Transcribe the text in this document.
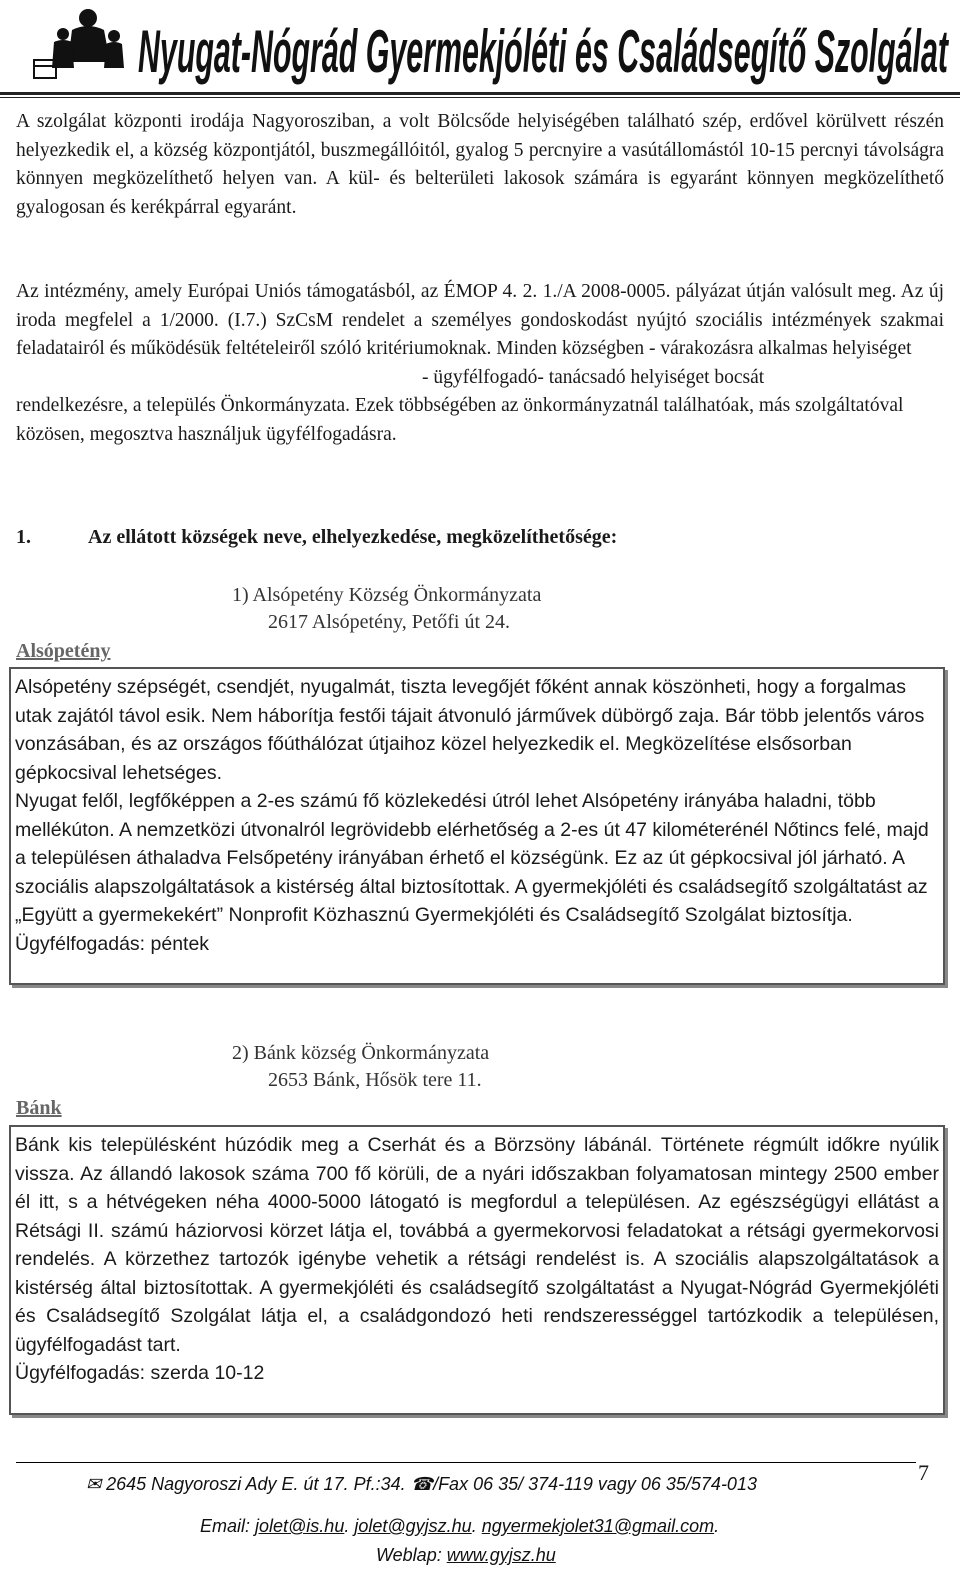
Nyugat-Nógrád Gyermekjóléti és Családsegítő Szolgálat

A szolgálat központi irodája Nagyorosziban, a volt Bölcsőde helyiségében található szép, erdővel körülvett részén helyezkedik el, a község központjától, buszmegállóitól, gyalog 5 percnyire a vasútállomástól 10-15 percnyi távolságra könnyen megközelíthető helyen van. A kül- és belterületi lakosok számára is egyaránt könnyen megközelíthető gyalogosan és kerékpárral egyaránt.

Az intézmény, amely Európai Uniós támogatásból, az ÉMOP 4. 2. 1./A 2008-0005. pályázat útján valósult meg. Az új iroda megfelel a 1/2000. (I.7.) SzCsM rendelet a személyes gondoskodást nyújtó szociális intézmények szakmai feladatairól és működésük feltételeiről szóló kritériumoknak. Minden községben - várakozásra alkalmas helyiséget

- ügyfélfogadó- tanácsadó helyiséget bocsát

rendelkezésre, a település Önkormányzata. Ezek többségében az önkormányzatnál találhatóak, más szolgáltatóval közösen, megosztva használjuk ügyfélfogadásra.

1.	Az ellátott községek neve, elhelyezkedése, megközelíthetősége:
1) Alsópetény Község Önkormányzata
2617 Alsópetény, Petőfi út 24.
Alsópetény

Alsópetény szépségét, csendjét, nyugalmát, tiszta levegőjét főként annak köszönheti, hogy a forgalmas utak zajától távol esik. Nem háborítja festői tájait átvonuló járművek dübörgő zaja. Bár több jelentős város vonzásában, és az országos főúthálózat útjaihoz közel helyezkedik el. Megközelítése elsősorban gépkocsival lehetséges.

Nyugat felől, legfőképpen a 2-es számú fő közlekedési útról lehet Alsópetény irányába haladni, több mellékúton. A nemzetközi útvonalról legrövidebb elérhetőség a 2-es út 47 kilométerénél Nőtincs felé, majd a településen áthaladva Felsőpetény irányában érhető el községünk. Ez az út gépkocsival jól járható. A szociális alapszolgáltatások a kistérség által biztosítottak. A gyermekjóléti és családsegítő szolgáltatást az „Együtt a gyermekekért” Nonprofit Közhasznú Gyermekjóléti és Családsegítő Szolgálat biztosítja.

Ügyfélfogadás: péntek

2) Bánk község Önkormányzata
2653 Bánk, Hősök tere 11.
Bánk

Bánk kis településként húzódik meg a Cserhát és a Börzsöny lábánál. Története régmúlt időkre nyúlik vissza. Az állandó lakosok száma 700 fő körüli, de a nyári időszakban folyamatosan mintegy 2500 ember él itt, s a hétvégeken néha 4000-5000 látogató is megfordul a településen. Az egészségügyi ellátást a Rétsági II. számú háziorvosi körzet látja el, továbbá a gyermekorvosi feladatokat a rétsági gyermekorvosi rendelés. A körzethez tartozók igénybe vehetik a rétsági rendelést is. A szociális alapszolgáltatások a kistérség által biztosítottak. A gyermekjóléti és családsegítő szolgáltatást a Nyugat-Nógrád Gyermekjóléti és Családsegítő Szolgálat látja el, a családgondozó heti rendszerességgel tartózkodik a településen, ügyfélfogadást tart.

Ügyfélfogadás: szerda 10-12

7
✉ 2645 Nagyoroszi Ady E. út 17. Pf.:34. ☎/Fax 06 35/ 374-119 vagy 06 35/574-013
Email: jolet@is.hu. jolet@gyjsz.hu. ngyermekjolet31@gmail.com.
Weblap: www.gyjsz.hu
